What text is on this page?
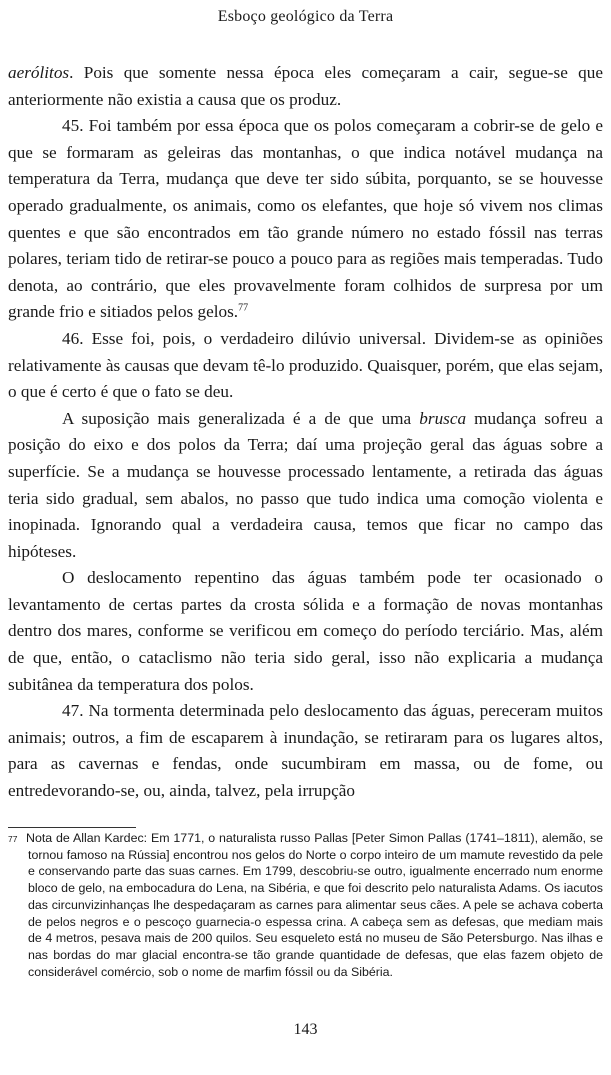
Esboço geológico da Terra

aerólitos. Pois que somente nessa época eles começaram a cair, segue-se que anteriormente não existia a causa que os produz.

45. Foi também por essa época que os polos começaram a cobrir-se de gelo e que se formaram as geleiras das montanhas, o que indica notável mudança na temperatura da Terra, mudança que deve ter sido súbita, porquanto, se se houvesse operado gradualmente, os animais, como os elefantes, que hoje só vivem nos climas quentes e que são encontrados em tão grande número no estado fóssil nas terras polares, teriam tido de retirar-se pouco a pouco para as regiões mais temperadas. Tudo denota, ao contrário, que eles provavelmente foram colhidos de surpresa por um grande frio e sitiados pelos gelos.$^{77}$

46. Esse foi, pois, o verdadeiro dilúvio universal. Dividem-se as opiniões relativamente às causas que devam tê-lo produzido. Quaisquer, porém, que elas sejam, o que é certo é que o fato se deu.

A suposição mais generalizada é a de que uma brusca mudança sofreu a posição do eixo e dos polos da Terra; daí uma projeção geral das águas sobre a superfície. Se a mudança se houvesse processado lentamente, a retirada das águas teria sido gradual, sem abalos, no passo que tudo indica uma comoção violenta e inopinada. Ignorando qual a verdadeira causa, temos que ficar no campo das hipóteses.

O deslocamento repentino das águas também pode ter ocasionado o levantamento de certas partes da crosta sólida e a formação de novas montanhas dentro dos mares, conforme se verificou em começo do período terciário. Mas, além de que, então, o cataclismo não teria sido geral, isso não explicaria a mudança subitânea da temperatura dos polos.

47. Na tormenta determinada pelo deslocamento das águas, pereceram muitos animais; outros, a fim de escaparem à inundação, se retiraram para os lugares altos, para as cavernas e fendas, onde sucumbiram em massa, ou de fome, ou entredevorando-se, ou, ainda, talvez, pela irrupção

77 Nota de Allan Kardec: Em 1771, o naturalista russo Pallas [Peter Simon Pallas (1741–1811), alemão, se tornou famoso na Rússia] encontrou nos gelos do Norte o corpo inteiro de um mamute revestido da pele e conservando parte das suas carnes. Em 1799, descobriu-se outro, igualmente encerrado num enorme bloco de gelo, na embocadura do Lena, na Sibéria, e que foi descrito pelo naturalista Adams. Os iacutos das circunvizinhanças lhe despedaçaram as carnes para alimentar seus cães. A pele se achava coberta de pelos negros e o pescoço guarnecia-o espessa crina. A cabeça sem as defesas, que mediam mais de 4 metros, pesava mais de 200 quilos. Seu esqueleto está no museu de São Petersburgo. Nas ilhas e nas bordas do mar glacial encontra-se tão grande quantidade de defesas, que elas fazem objeto de considerável comércio, sob o nome de marfim fóssil ou da Sibéria.
143
